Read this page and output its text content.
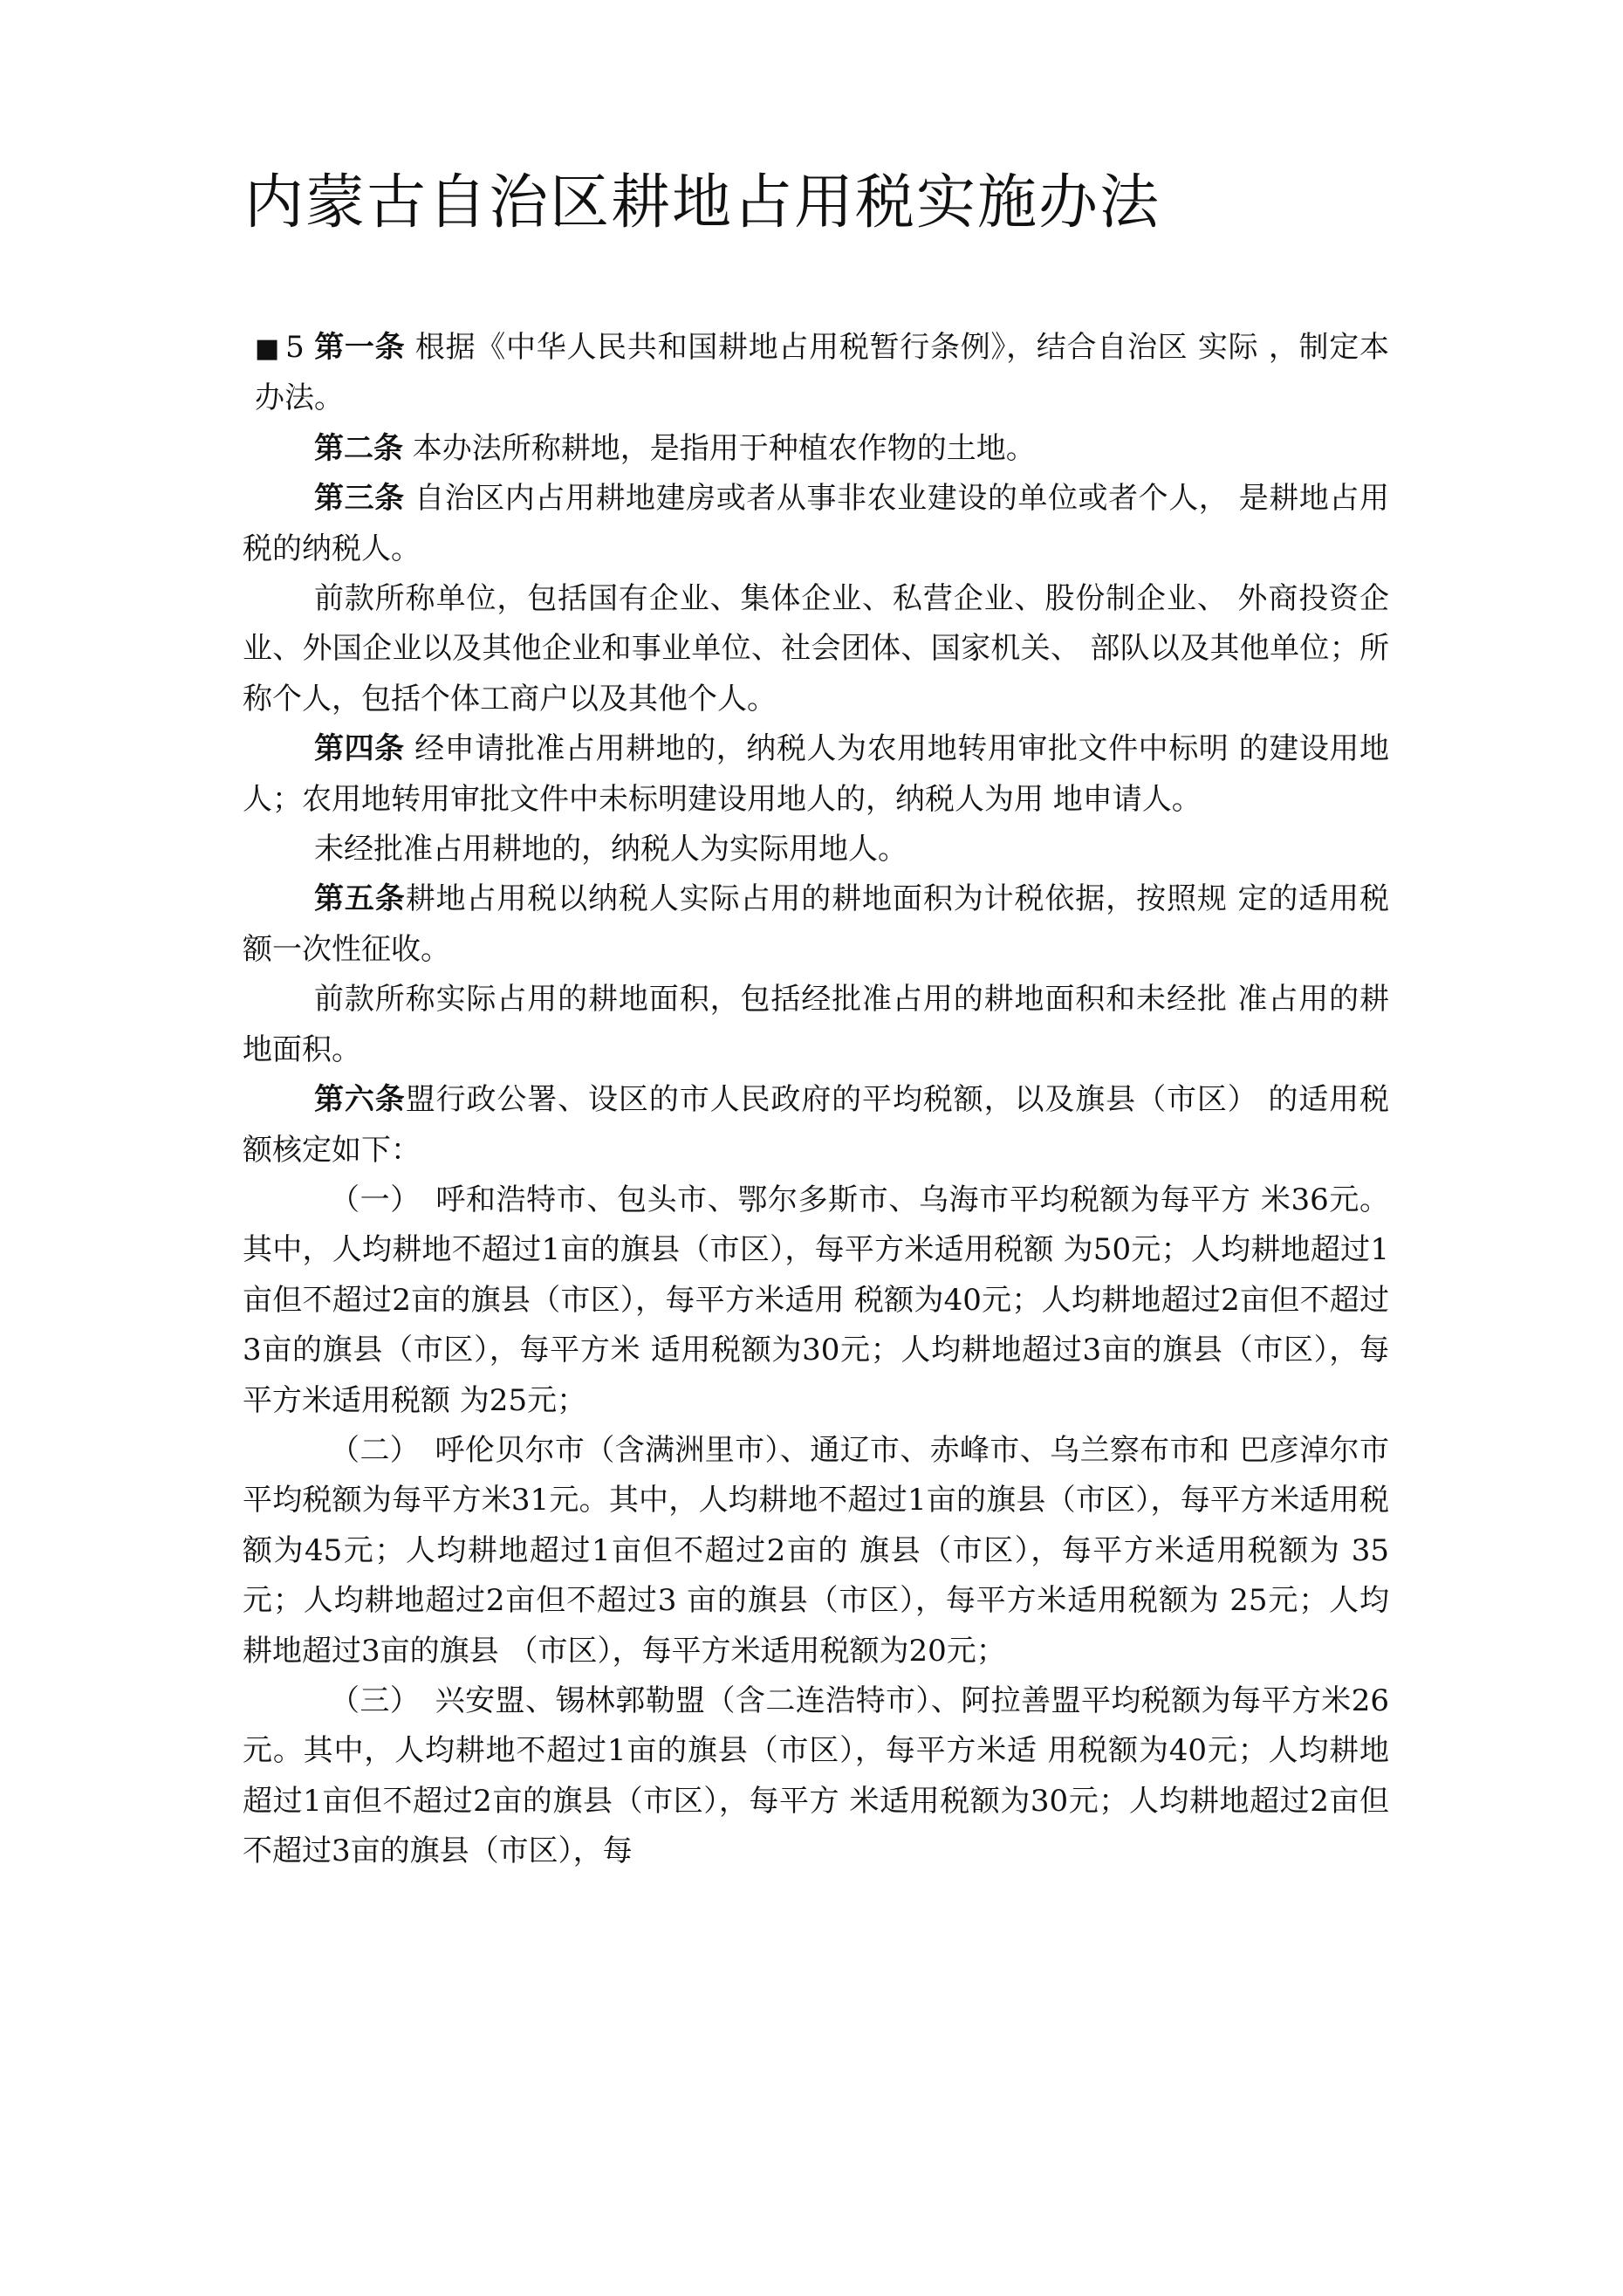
内蒙古自治区耕地占用税实施办法

■ 5 第一条 根据《中华人民共和国耕地占用税暂行条例》，结合自治区 实际 ，制定本办法。

第二条 本办法所称耕地，是指用于种植农作物的土地。

第三条 自治区内占用耕地建房或者从事非农业建设的单位或者个人， 是耕地占用税的纳税人。

前款所称单位，包括国有企业、集体企业、私营企业、股份制企业、 外商投资企业、外国企业以及其他企业和事业单位、社会团体、国家机关、 部队以及其他单位；所称个人，包括个体工商户以及其他个人。

第四条 经申请批准占用耕地的，纳税人为农用地转用审批文件中标明 的建设用地人；农用地转用审批文件中未标明建设用地人的，纳税人为用 地申请人。

未经批准占用耕地的，纳税人为实际用地人。

第五条耕地占用税以纳税人实际占用的耕地面积为计税依据，按照规 定的适用税额一次性征收。

前款所称实际占用的耕地面积，包括经批准占用的耕地面积和未经批 准占用的耕地面积。

第六条盟行政公署、设区的市人民政府的平均税额，以及旗县（市区） 的适用税额核定如下：

（一）　呼和浩特市、包头市、鄂尔多斯市、乌海市平均税额为每平方 米36元。其中，人均耕地不超过1亩的旗县（市区），每平方米适用税额 为50元；人均耕地超过1亩但不超过2亩的旗县（市区），每平方米适用 税额为40元；人均耕地超过2亩但不超过3亩的旗县（市区），每平方米 适用税额为30元；人均耕地超过3亩的旗县（市区），每平方米适用税额 为25元；

（二）　呼伦贝尔市（含满洲里市）、通辽市、赤峰市、乌兰察布市和 巴彦淖尔市平均税额为每平方米31元。其中，人均耕地不超过1亩的旗县（市区），每平方米适用税额为45元；人均耕地超过1亩但不超过2亩的 旗县（市区），每平方米适用税额为 35元；人均耕地超过2亩但不超过3 亩的旗县（市区），每平方米适用税额为 25元；人均耕地超过3亩的旗县 （市区），每平方米适用税额为20元；

（三）　兴安盟、锡林郭勒盟（含二连浩特市）、阿拉善盟平均税额为每平方米26元。其中，人均耕地不超过1亩的旗县（市区），每平方米适 用税额为40元；人均耕地超过1亩但不超过2亩的旗县（市区），每平方 米适用税额为30元；人均耕地超过2亩但不超过3亩的旗县（市区），每
